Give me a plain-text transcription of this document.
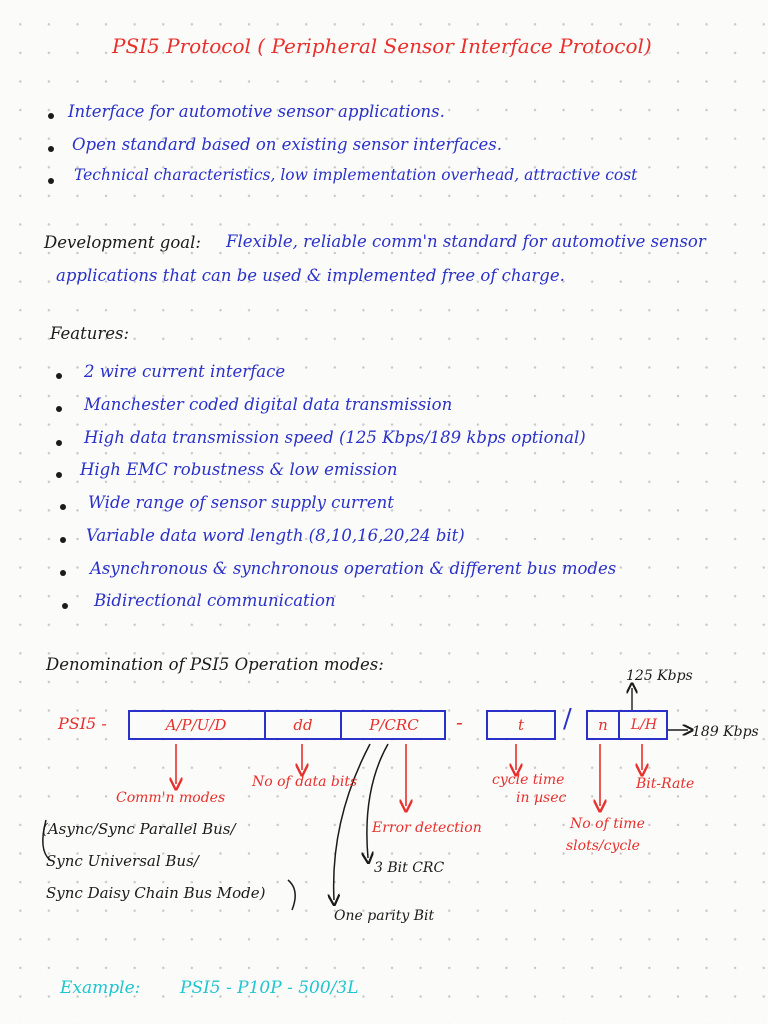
PSI5 Protocol ( Peripheral Sensor Interface Protocol)
Interface for automotive sensor applications.
Open standard based on existing sensor interfaces.
Technical characteristics, low implementation overhead, attractive cost
Development goal: Flexible, reliable comm'n standard for automotive sensor
applications that can be used & implemented free of charge.
Features:
2 wire current interface
Manchester coded digital data transmission
High data transmission speed (125 Kbps/189 kbps optional)
High EMC robustness & low emission
Wide range of sensor supply current
Variable data word length (8,10,16,20,24 bit)
Asynchronous & synchronous operation & different bus modes
Bidirectional communication
Denomination of PSI5 Operation modes:
125 Kbps
189 Kbps
PSI5 -	A/P/U/D	dd	P/CRC	-	t	/	n	L/H
Comm'n modes
No of data bits
Error detection
3 Bit CRC
One parity Bit
cycle time
in µsec
No of time
slots/cycle
Bit-Rate
(Async/Sync Parallel Bus/
Sync Universal Bus/
Sync Daisy Chain Bus Mode)
Example: PSI5 - P10P - 500/3L
